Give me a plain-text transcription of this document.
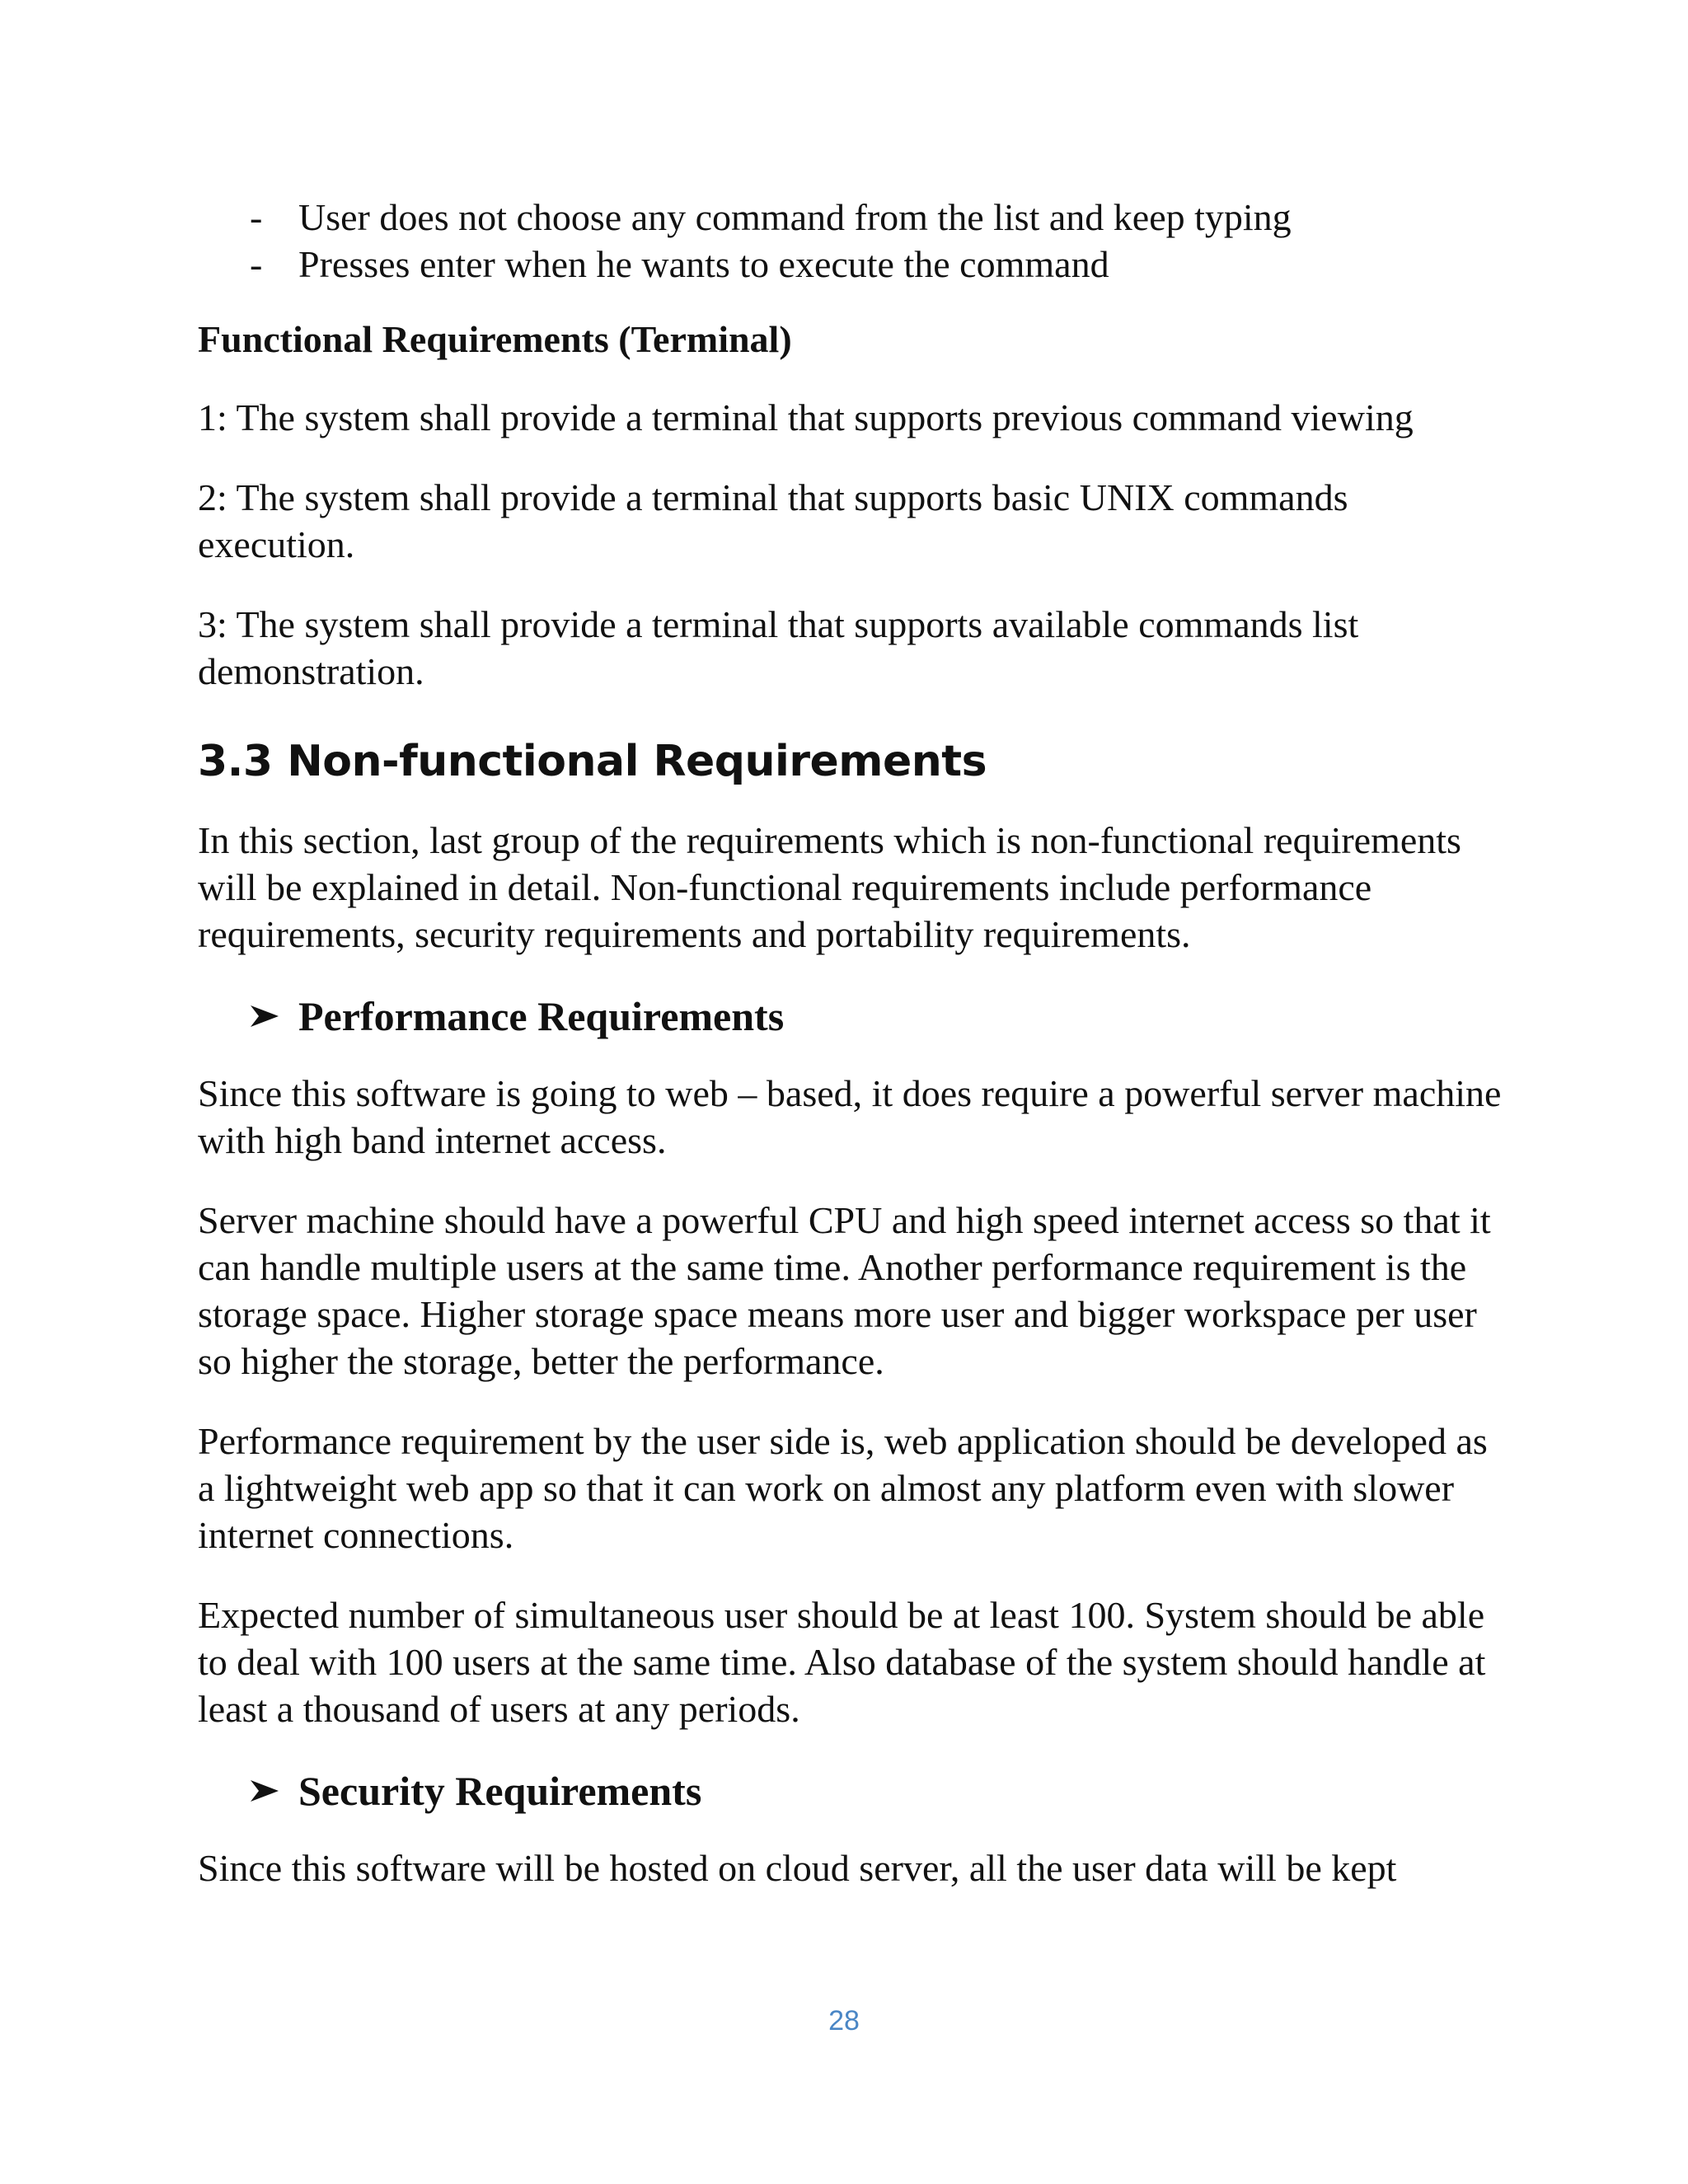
- User does not choose any command from the list and keep typing
- Presses enter when he wants to execute the command
Functional Requirements (Terminal)

1: The system shall provide a terminal that supports previous command viewing

2: The system shall provide a terminal that supports basic UNIX commands execution.

3: The system shall provide a terminal that supports available commands list demonstration.

3.3 Non-functional Requirements

In this section, last group of the requirements which is non-functional requirements will be explained in detail. Non-functional requirements include performance requirements, security requirements and portability requirements.

Performance Requirements

Since this software is going to web – based, it does require a powerful server machine with high band internet access.

Server machine should have a powerful CPU and high speed internet access so that it can handle multiple users at the same time. Another performance requirement is the storage space. Higher storage space means more user and bigger workspace per user so higher the storage, better the performance.

Performance requirement by the user side is, web application should be developed as a lightweight web app so that it can work on almost any platform even with slower internet connections.

Expected number of simultaneous user should be at least 100. System should be able to deal with 100 users at the same time. Also database of the system should handle at least a thousand of users at any periods.

Security Requirements

Since this software will be hosted on cloud server, all the user data will be kept

28
